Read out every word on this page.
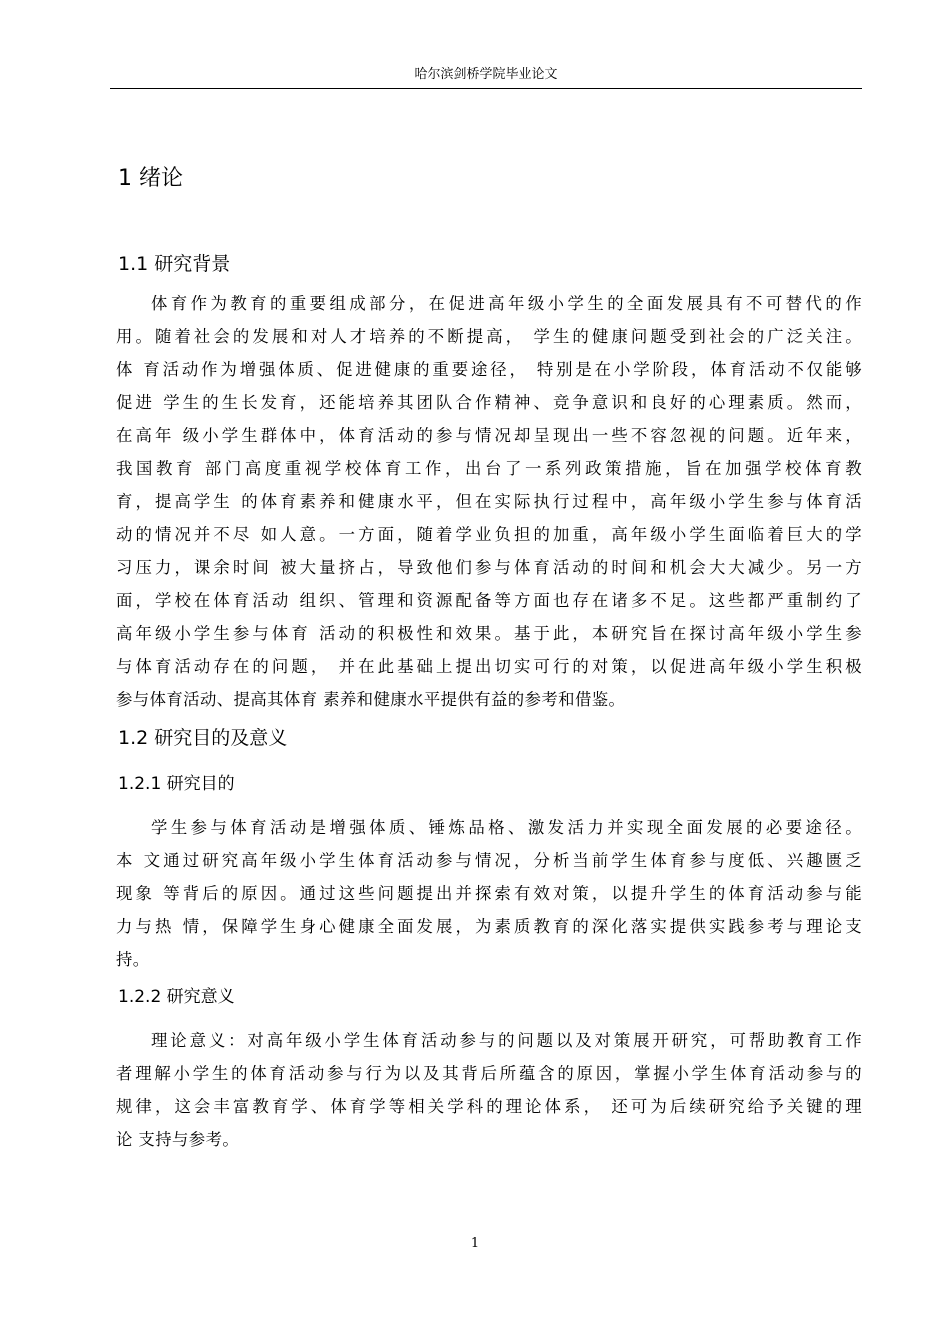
哈尔滨剑桥学院毕业论文
1 绪论
1.1 研究背景
体育作为教育的重要组成部分，在促进高年级小学生的全面发展具有不可替代的作
用。随着社会的发展和对人才培养的不断提高， 学生的健康问题受到社会的广泛关注。
体 育活动作为增强体质、促进健康的重要途径， 特别是在小学阶段，体育活动不仅能够
促进 学生的生长发育，还能培养其团队合作精神、竞争意识和良好的心理素质。然而，
在高年 级小学生群体中，体育活动的参与情况却呈现出一些不容忽视的问题。近年来，
我国教育 部门高度重视学校体育工作，出台了一系列政策措施，旨在加强学校体育教
育，提高学生 的体育素养和健康水平，但在实际执行过程中，高年级小学生参与体育活
动的情况并不尽 如人意。一方面，随着学业负担的加重，高年级小学生面临着巨大的学
习压力，课余时间 被大量挤占，导致他们参与体育活动的时间和机会大大减少。另一方
面，学校在体育活动 组织、管理和资源配备等方面也存在诸多不足。这些都严重制约了
高年级小学生参与体育 活动的积极性和效果。基于此，本研究旨在探讨高年级小学生参
与体育活动存在的问题， 并在此基础上提出切实可行的对策，以促进高年级小学生积极
参与体育活动、提高其体育 素养和健康水平提供有益的参考和借鉴。
1.2 研究目的及意义
1.2.1 研究目的
学生参与体育活动是增强体质、锤炼品格、激发活力并实现全面发展的必要途径。
本 文通过研究高年级小学生体育活动参与情况，分析当前学生体育参与度低、兴趣匮乏
现象 等背后的原因。通过这些问题提出并探索有效对策，以提升学生的体育活动参与能
力与热 情，保障学生身心健康全面发展，为素质教育的深化落实提供实践参考与理论支
持。
1.2.2 研究意义
理论意义：对高年级小学生体育活动参与的问题以及对策展开研究，可帮助教育工作
者理解小学生的体育活动参与行为以及其背后所蕴含的原因，掌握小学生体育活动参与的
规律，这会丰富教育学、体育学等相关学科的理论体系， 还可为后续研究给予关键的理
论 支持与参考。
1
